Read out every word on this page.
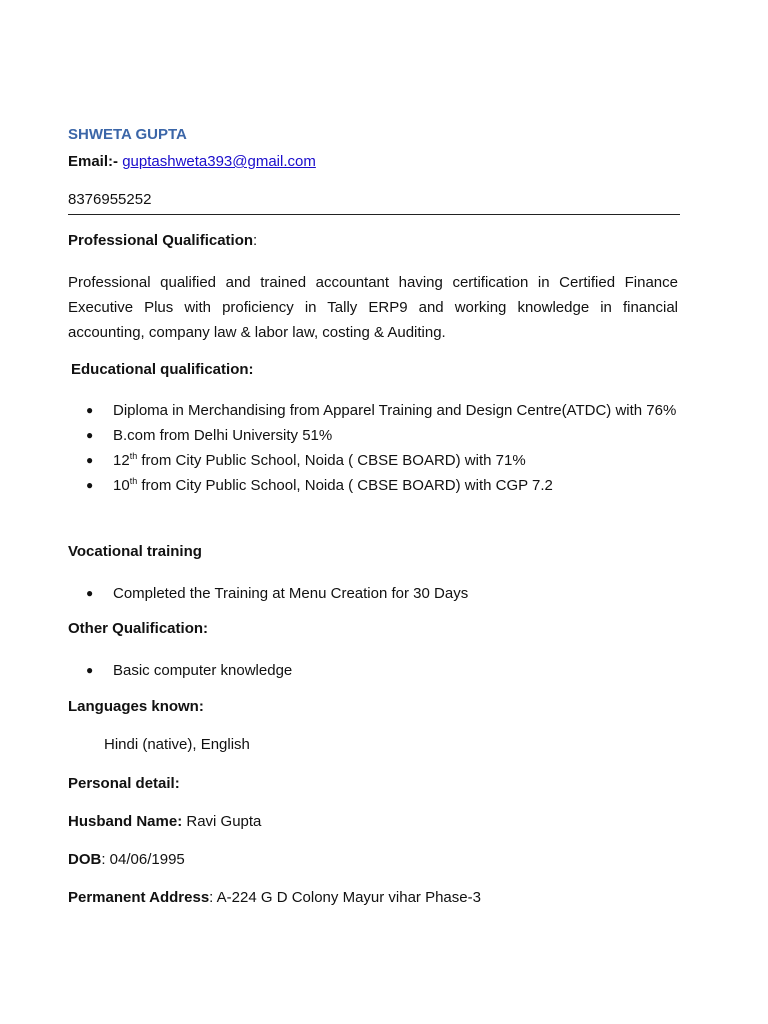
SHWETA GUPTA
Email:- guptashweta393@gmail.com
8376955252
Professional Qualification:
Professional qualified and trained accountant having certification in Certified Finance Executive Plus with proficiency in Tally ERP9 and working knowledge in financial accounting, company law & labor law, costing & Auditing.
Educational qualification:
● Diploma in Merchandising from Apparel Training and Design Centre(ATDC) with 76%
● B.com from Delhi University 51%
● 12th from City Public School, Noida ( CBSE BOARD) with 71%
● 10th from City Public School, Noida ( CBSE BOARD) with CGP 7.2
Vocational training
● Completed the Training at Menu Creation for 30 Days
Other Qualification:
● Basic computer knowledge
Languages known:
Hindi (native), English
Personal detail:
Husband Name: Ravi Gupta
DOB: 04/06/1995
Permanent Address: A-224 G D Colony Mayur vihar Phase-3
